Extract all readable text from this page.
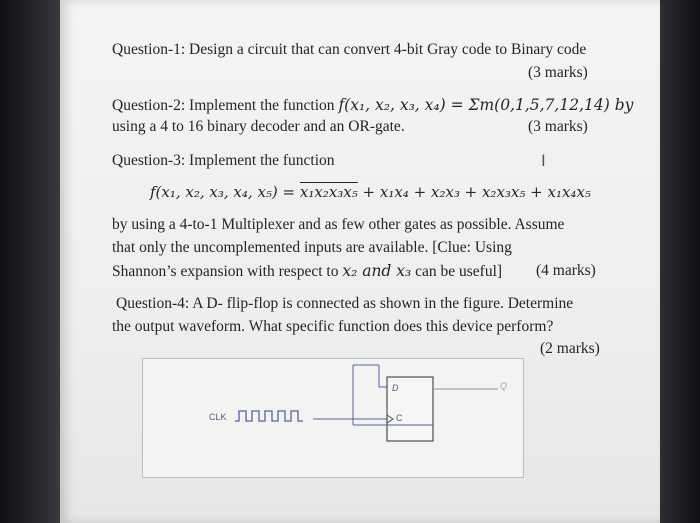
Question-1: Design a circuit that can convert 4-bit Gray code to Binary code
(3 marks)
Question-2: Implement the function f(x₁, x₂, x₃, x₄) = Σm(0,1,5,7,12,14) by
using a 4 to 16 binary decoder and an OR-gate.	(3 marks)
Question-3: Implement the function	I
f(x₁, x₂, x₃, x₄, x₅) = x₁x₂x₃x₅ + x₁x₄ + x₂x₃ + x₂x₃x₅ + x₁x₄x₅
by using a 4-to-1 Multiplexer and as few other gates as possible. Assume
that only the uncomplemented inputs are available. [Clue: Using
Shannon’s expansion with respect to x₂ and x₃ can be useful] (4 marks)
Question-4: A D- flip-flop is connected as shown in the figure. Determine
the output waveform. What specific function does this device perform?
(2 marks)
CLK
D
C
Q
